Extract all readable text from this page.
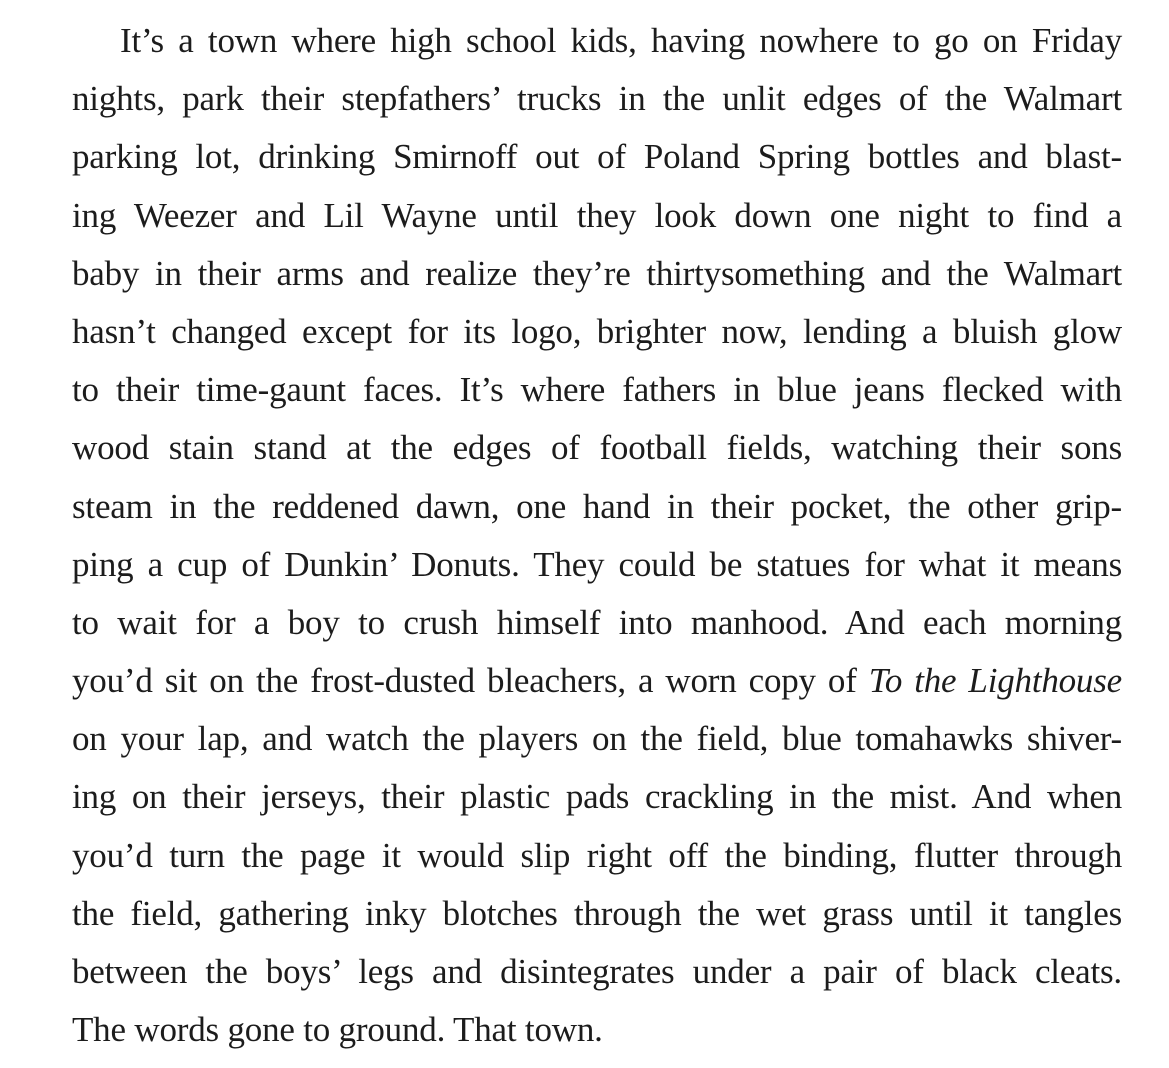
It’s a town where high school kids, having nowhere to go on Friday
nights, park their stepfathers’ trucks in the unlit edges of the Walmart
parking lot, drinking Smirnoff out of Poland Spring bottles and blast-
ing Weezer and Lil Wayne until they look down one night to find a
baby in their arms and realize they’re thirtysomething and the Walmart
hasn’t changed except for its logo, brighter now, lending a bluish glow
to their time-gaunt faces. It’s where fathers in blue jeans flecked with
wood stain stand at the edges of football fields, watching their sons
steam in the reddened dawn, one hand in their pocket, the other grip-
ping a cup of Dunkin’ Donuts. They could be statues for what it means
to wait for a boy to crush himself into manhood. And each morning
you’d sit on the frost-dusted bleachers, a worn copy of To the Lighthouse
on your lap, and watch the players on the field, blue tomahawks shiver-
ing on their jerseys, their plastic pads crackling in the mist. And when
you’d turn the page it would slip right off the binding, flutter through
the field, gathering inky blotches through the wet grass until it tangles
between the boys’ legs and disintegrates under a pair of black cleats.
The words gone to ground. That town.
